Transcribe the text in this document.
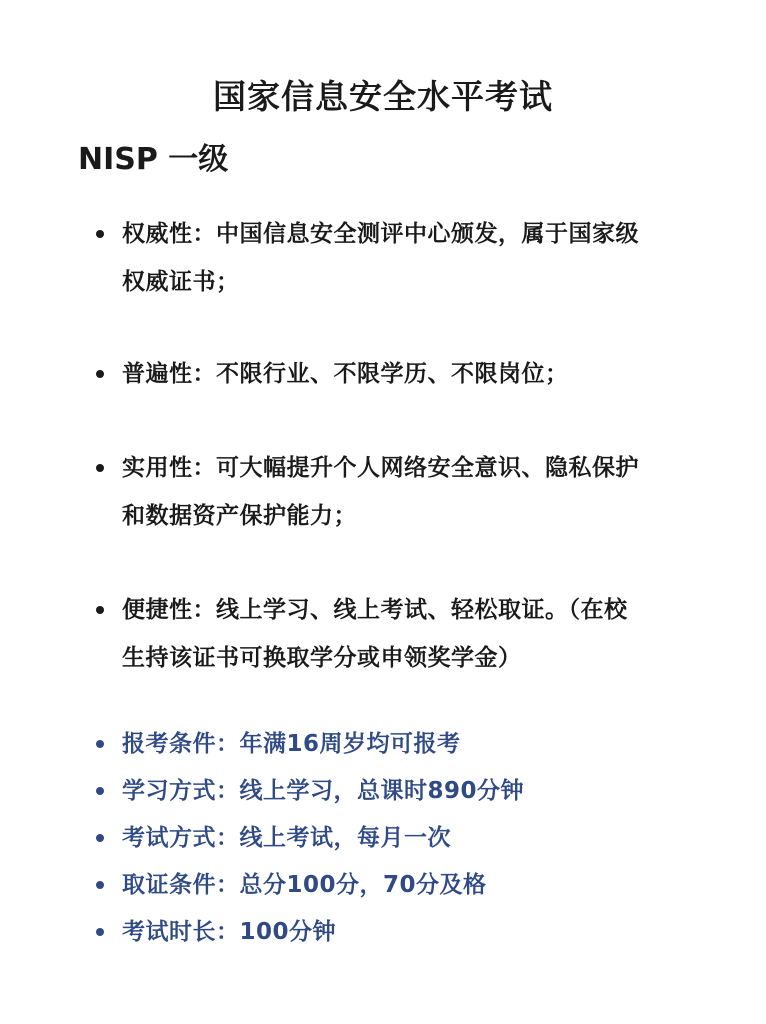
国家信息安全水平考试
NISP 一级
权威性：中国信息安全测评中心颁发，属于国家级
权威证书；
普遍性：不限行业、不限学历、不限岗位；
实用性：可大幅提升个人网络安全意识、隐私保护
和数据资产保护能力；
便捷性：线上学习、线上考试、轻松取证。（在校
生持该证书可换取学分或申领奖学金）
报考条件：年满16周岁均可报考
学习方式：线上学习，总课时890分钟
考试方式：线上考试，每月一次
取证条件：总分100分，70分及格
考试时长：100分钟
